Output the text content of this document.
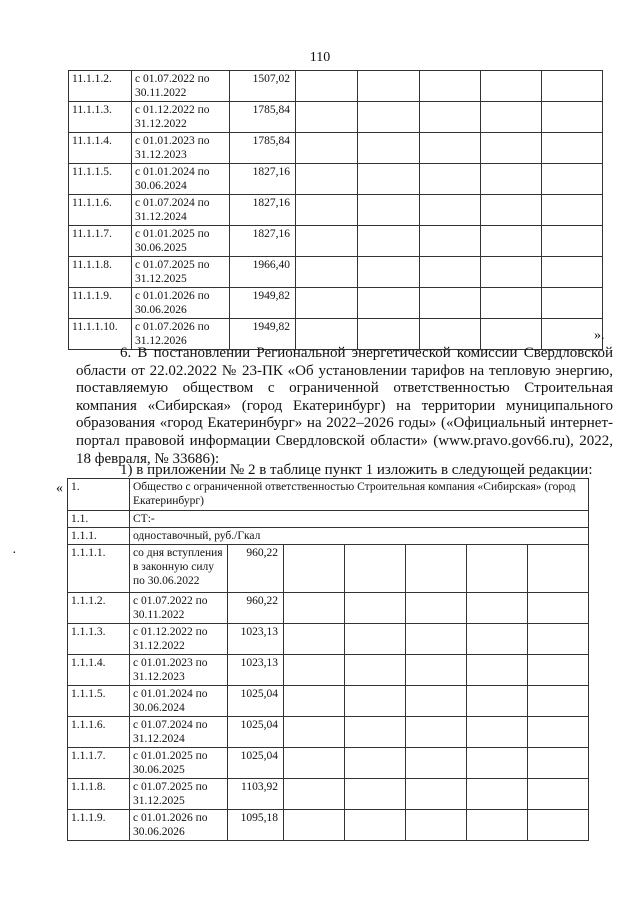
110
11.1.1.2.	с 01.07.2022 по 30.11.2022	1507,02					
11.1.1.3.	с 01.12.2022 по 31.12.2022	1785,84					
11.1.1.4.	с 01.01.2023 по 31.12.2023	1785,84					
11.1.1.5.	с 01.01.2024 по 30.06.2024	1827,16					
11.1.1.6.	с 01.07.2024 по 31.12.2024	1827,16					
11.1.1.7.	с 01.01.2025 по 30.06.2025	1827,16					
11.1.1.8.	с 01.07.2025 по 31.12.2025	1966,40					
11.1.1.9.	с 01.01.2026 по 30.06.2026	1949,82					
11.1.1.10.	с 01.07.2026 по 31.12.2026	1949,82					
».
6. В постановлении Региональной энергетической комиссии Свердловской области от 22.02.2022 № 23-ПК «Об установлении тарифов на тепловую энергию, поставляемую обществом с ограниченной ответственностью Строительная компания «Сибирская» (город Екатеринбург) на территории муниципального образования «город Екатеринбург» на 2022–2026 годы» («Официальный интернет-портал правовой информации Свердловской области» (www.pravo.gov66.ru), 2022, 18 февраля, № 33686):
1) в приложении № 2 в таблице пункт 1 изложить в следующей редакции:
«
·
1.	Общество с ограниченной ответственностью Строительная компания «Сибирская» (город Екатеринбург)						
1.1.	СТ:-						
1.1.1.	одноставочный, руб./Гкал						
1.1.1.1.	со дня вступления в законную силу по 30.06.2022	960,22					
1.1.1.2.	с 01.07.2022 по 30.11.2022	960,22					
1.1.1.3.	с 01.12.2022 по 31.12.2022	1023,13					
1.1.1.4.	с 01.01.2023 по 31.12.2023	1023,13					
1.1.1.5.	с 01.01.2024 по 30.06.2024	1025,04					
1.1.1.6.	с 01.07.2024 по 31.12.2024	1025,04					
1.1.1.7.	с 01.01.2025 по 30.06.2025	1025,04					
1.1.1.8.	с 01.07.2025 по 31.12.2025	1103,92					
1.1.1.9.	с 01.01.2026 по 30.06.2026	1095,18					
